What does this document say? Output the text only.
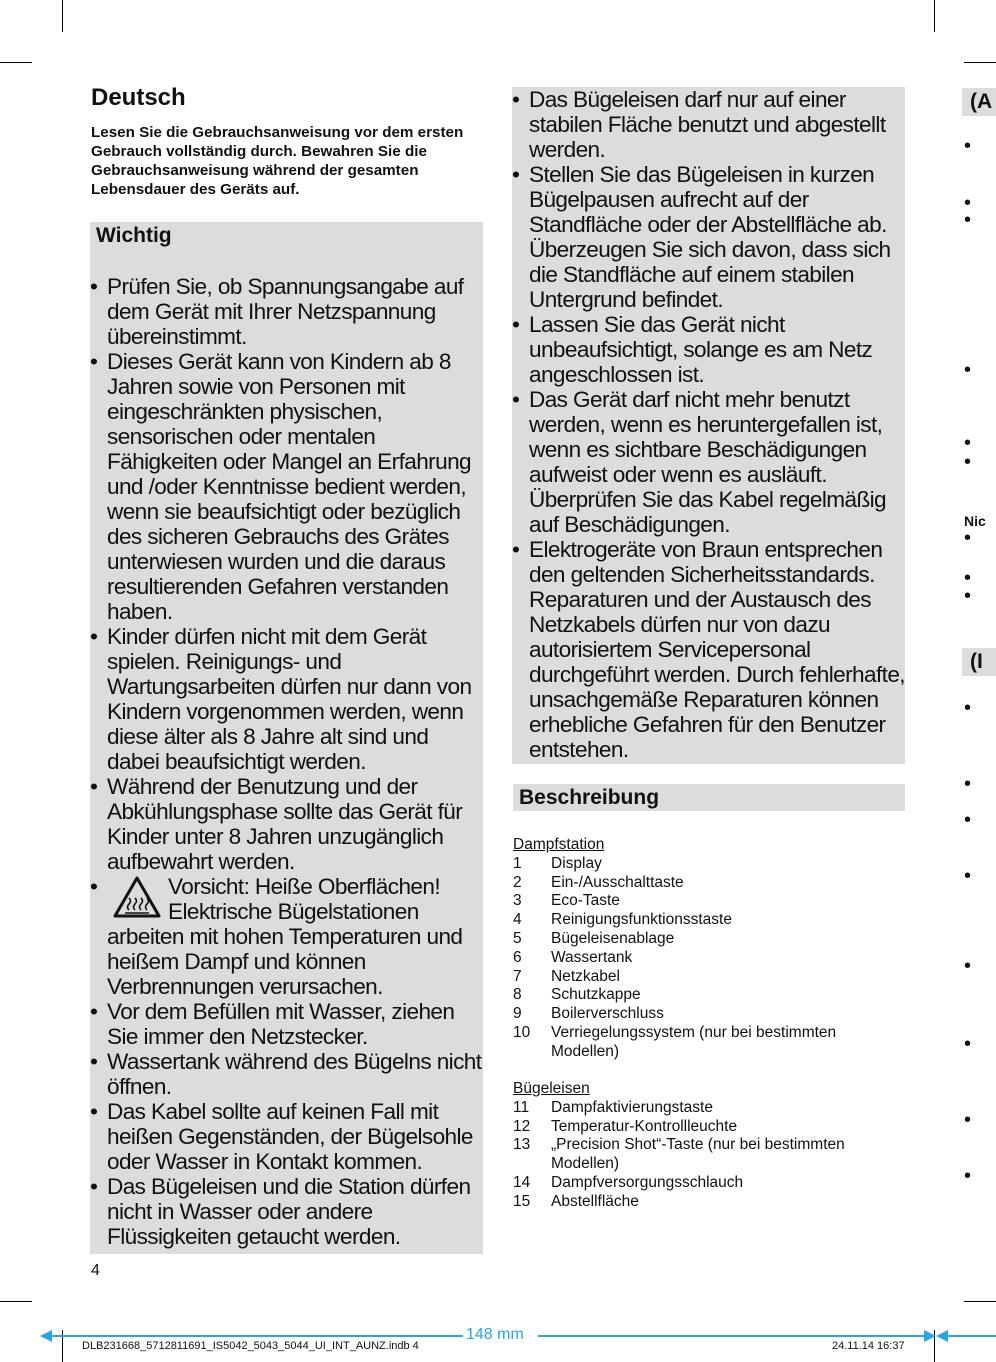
Deutsch

Lesen Sie die Gebrauchsanweisung vor dem ersten Gebrauch vollständig durch. Bewahren Sie die Gebrauchsanweisung während der gesamten Lebensdauer des Geräts auf.

Wichtig
• Prüfen Sie, ob Spannungsangabe auf dem Gerät mit Ihrer Netzspannung übereinstimmt.
• Dieses Gerät kann von Kindern ab 8 Jahren sowie von Personen mit eingeschränkten physischen, sensorischen oder mentalen Fähigkeiten oder Mangel an Erfahrung und /oder Kenntnisse bedient werden, wenn sie beaufsichtigt oder bezüglich des sicheren Gebrauchs des Grätes unterwiesen wurden und die daraus resultierenden Gefahren verstanden haben.
• Kinder dürfen nicht mit dem Gerät spielen. Reinigungs- und Wartungsarbeiten dürfen nur dann von Kindern vorgenommen werden, wenn diese älter als 8 Jahre alt sind und dabei beaufsichtigt werden.
• Während der Benutzung und der Abkühlungsphase sollte das Gerät für Kinder unter 8 Jahren unzugänglich aufbewahrt werden.
• Vorsicht: Heiße Oberflächen!
Elektrische Bügelstationen
arbeiten mit hohen Temperaturen und heißem Dampf und können Verbrennungen verursachen.
• Vor dem Befüllen mit Wasser, ziehen Sie immer den Netzstecker.
• Wassertank während des Bügelns nicht öffnen.
• Das Kabel sollte auf keinen Fall mit heißen Gegenständen, der Bügelsohle oder Wasser in Kontakt kommen.
• Das Bügeleisen und die Station dürfen nicht in Wasser oder andere Flüssigkeiten getaucht werden.
• Das Bügeleisen darf nur auf einer stabilen Fläche benutzt und abgestellt werden.
• Stellen Sie das Bügeleisen in kurzen Bügelpausen aufrecht auf der Standfläche oder der Abstellfläche ab. Überzeugen Sie sich davon, dass sich die Standfläche auf einem stabilen Untergrund befindet.
• Lassen Sie das Gerät nicht unbeaufsichtigt, solange es am Netz angeschlossen ist.
• Das Gerät darf nicht mehr benutzt werden, wenn es heruntergefallen ist, wenn es sichtbare Beschädigungen aufweist oder wenn es ausläuft. Überprüfen Sie das Kabel regelmäßig auf Beschädigungen.
• Elektrogeräte von Braun entsprechen den geltenden Sicherheitsstandards. Reparaturen und der Austausch des Netzkabels dürfen nur von dazu autorisiertem Servicepersonal durchgeführt werden. Durch fehlerhafte, unsachgemäße Reparaturen können erhebliche Gefahren für den Benutzer entstehen.
Beschreibung
Dampfstation
1	Display
2	Ein-/Ausschalttaste
3	Eco-Taste
4	Reinigungsfunktionsstaste
5	Bügeleisenablage
6	Wassertank
7	Netzkabel
8	Schutzkappe
9	Boilerverschluss
10	Verriegelungssystem (nur bei bestimmten Modellen)
Bügeleisen
11	Dampfaktivierungstaste
12	Temperatur-Kontrollleuchte
13	„Precision Shot“-Taste (nur bei bestimmten Modellen)
14	Dampfversorgungsschlauch
15	Abstellfläche
4
(A
Nic
(I
•
•
•
•
•
•
•
•
•
•
•
•
•
•
•
•
•
148 mm
DLB231668_5712811691_IS5042_5043_5044_UI_INT_AUNZ.indb 4	24.11.14 16:37
